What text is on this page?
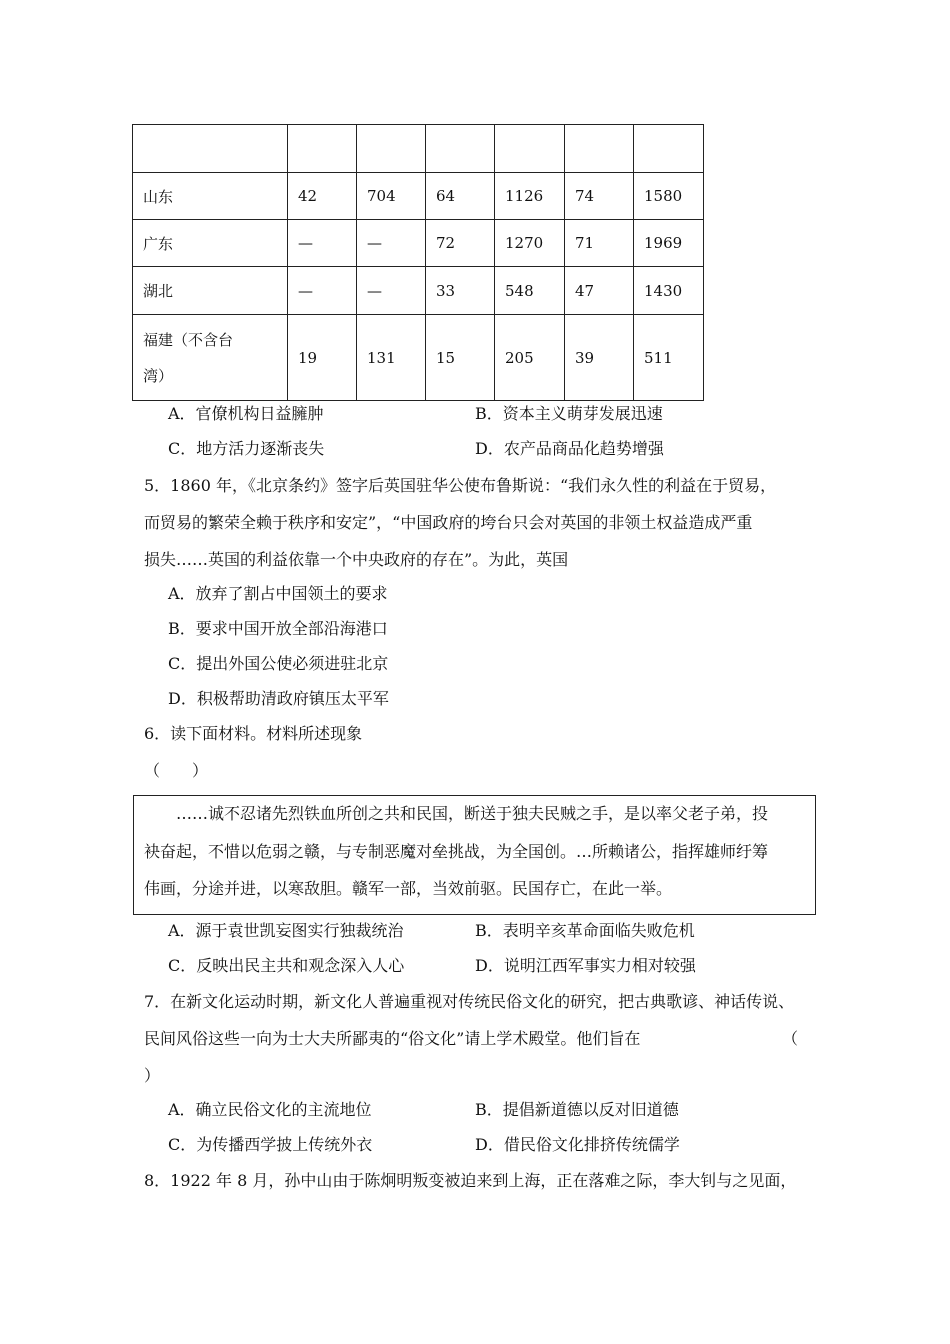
山东	42	704	64	1126	74	1580
广东	—	—	72	1270	71	1969
湖北	—	—	33	548	47	1430

福建（不含台
湾）	19	131	15	205	39	511
A．官僚机构日益臃肿	B．资本主义萌芽发展迅速
C．地方活力逐渐丧失	D．农产品商品化趋势增强
5．1860 年，《北京条约》签字后英国驻华公使布鲁斯说：“我们永久性的利益在于贸易，
而贸易的繁荣全赖于秩序和安定”，“中国政府的垮台只会对英国的非领土权益造成严重
损失……英国的利益依靠一个中央政府的存在”。为此，英国
A．放弃了割占中国领土的要求
B．要求中国开放全部沿海港口
C．提出外国公使必须进驻北京
D．积极帮助清政府镇压太平军
6．读下面材料。材料所述现象
（　　）
……诚不忍诸先烈铁血所创之共和民国，断送于独夫民贼之手，是以率父老子弟，投
袂奋起，不惜以危弱之赣，与专制恶魔对垒挑战，为全国创。…所赖诸公，指挥雄师纡筹
伟画，分途并进，以寒敌胆。赣军一部，当效前驱。民国存亡，在此一举。
A．源于袁世凯妄图实行独裁统治	B．表明辛亥革命面临失败危机
C．反映出民主共和观念深入人心	D．说明江西军事实力相对较强
7．在新文化运动时期，新文化人普遍重视对传统民俗文化的研究，把古典歌谚、神话传说、
民间风俗这些一向为士大夫所鄙夷的“俗文化”请上学术殿堂。他们旨在	（
）
A．确立民俗文化的主流地位	B．提倡新道德以反对旧道德
C．为传播西学披上传统外衣	D．借民俗文化排挤传统儒学
8．1922 年 8 月，孙中山由于陈炯明叛变被迫来到上海，正在落难之际，李大钊与之见面，
